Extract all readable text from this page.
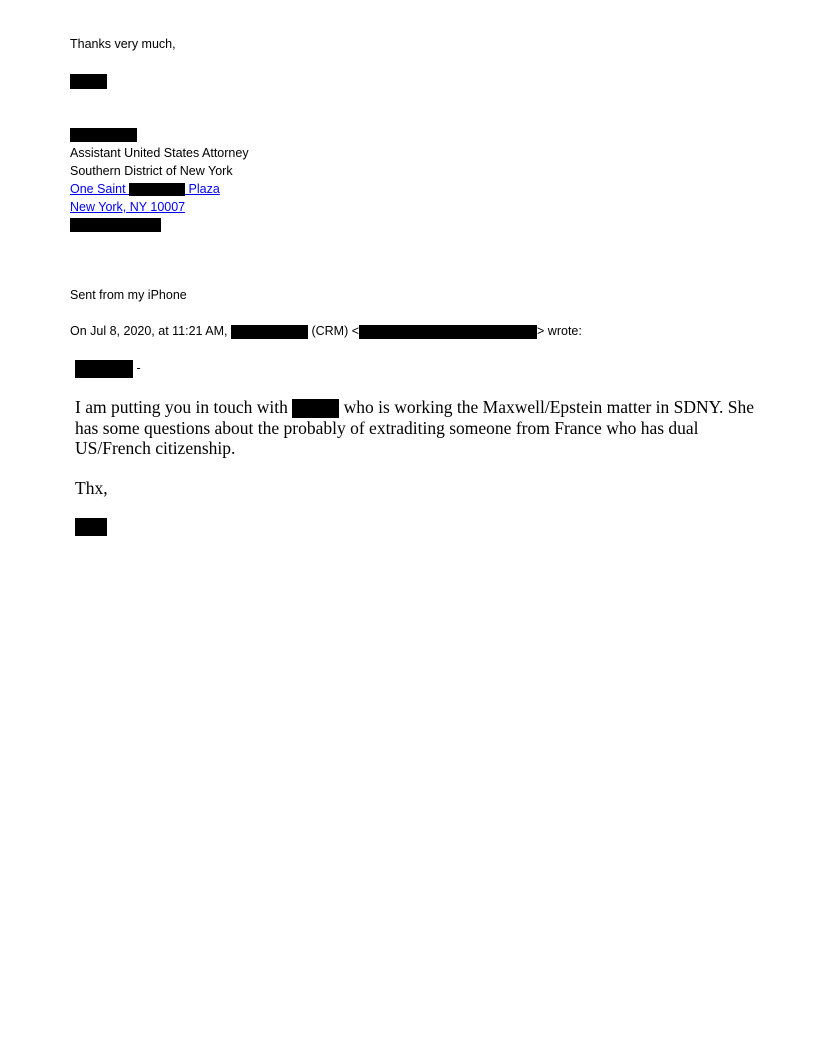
Thanks very much,
Assistant United States Attorney
Southern District of New York
One Saint	Plaza
New York, NY 10007
Sent from my iPhone
On Jul 8, 2020, at 11:21 AM,	(CRM) <	> wrote:
-
I am putting you in touch with	who is working the Maxwell/Epstein matter in SDNY. She has some questions about the probably of extraditing someone from France who has dual US/French citizenship.
Thx,
